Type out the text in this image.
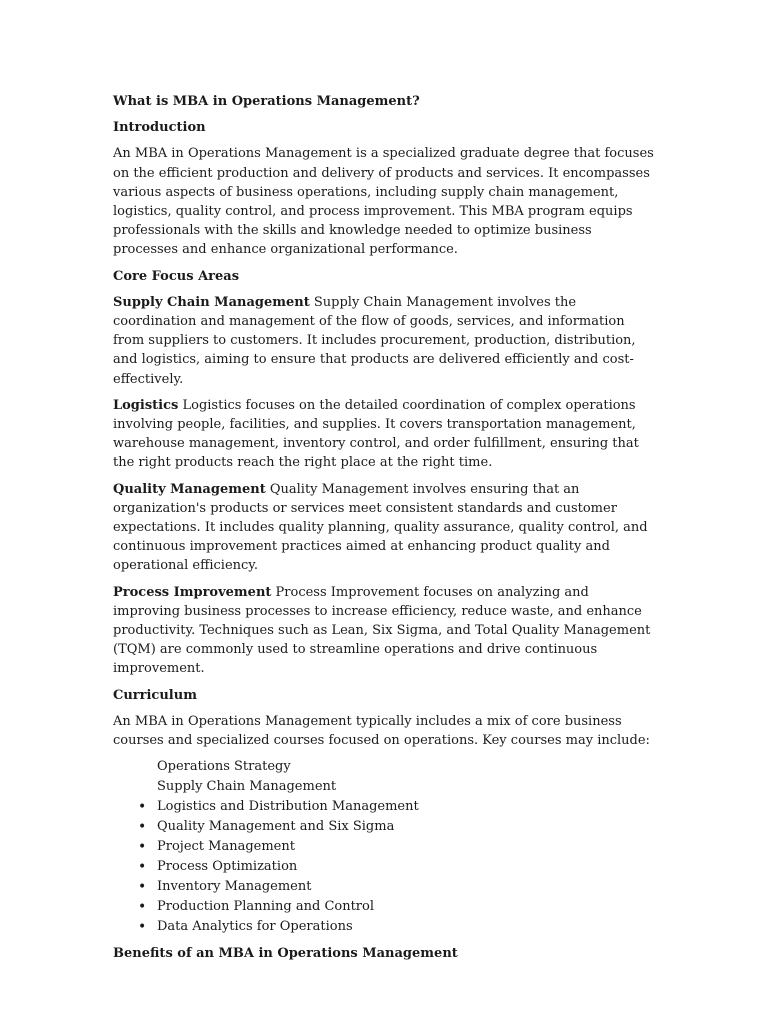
What is MBA in Operations Management?

Introduction

An MBA in Operations Management is a specialized graduate degree that focuses on the efficient production and delivery of products and services. It encompasses various aspects of business operations, including supply chain management, logistics, quality control, and process improvement. This MBA program equips professionals with the skills and knowledge needed to optimize business processes and enhance organizational performance.

Core Focus Areas

Supply Chain Management Supply Chain Management involves the coordination and management of the flow of goods, services, and information from suppliers to customers. It includes procurement, production, distribution, and logistics, aiming to ensure that products are delivered efficiently and cost-effectively.

Logistics Logistics focuses on the detailed coordination of complex operations involving people, facilities, and supplies. It covers transportation management, warehouse management, inventory control, and order fulfillment, ensuring that the right products reach the right place at the right time.

Quality Management Quality Management involves ensuring that an organization's products or services meet consistent standards and customer expectations. It includes quality planning, quality assurance, quality control, and continuous improvement practices aimed at enhancing product quality and operational efficiency.

Process Improvement Process Improvement focuses on analyzing and improving business processes to increase efficiency, reduce waste, and enhance productivity. Techniques such as Lean, Six Sigma, and Total Quality Management (TQM) are commonly used to streamline operations and drive continuous improvement.

Curriculum

An MBA in Operations Management typically includes a mix of core business courses and specialized courses focused on operations. Key courses may include:

Operations Strategy
Supply Chain Management
• Logistics and Distribution Management
• Quality Management and Six Sigma
• Project Management
• Process Optimization
• Inventory Management
• Production Planning and Control
• Data Analytics for Operations

Benefits of an MBA in Operations Management
